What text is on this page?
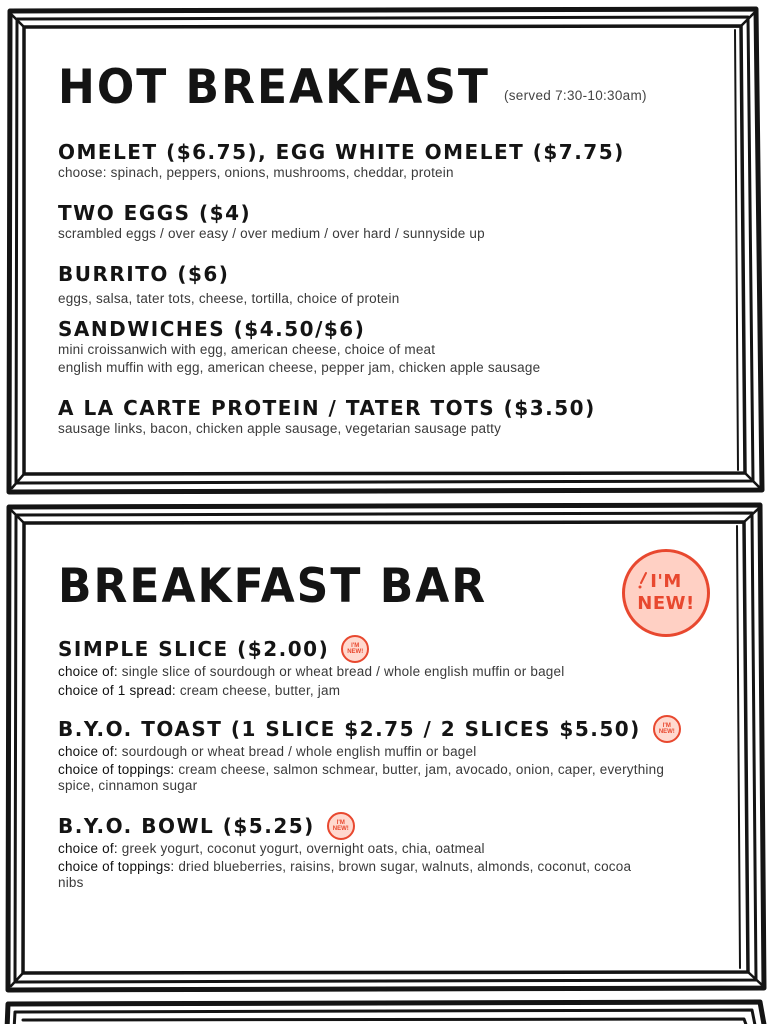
HOT BREAKFAST (served 7:30-10:30am)
OMELET ($6.75), EGG WHITE OMELET ($7.75)
choose: spinach, peppers, onions, mushrooms, cheddar, protein
TWO EGGS ($4)
scrambled eggs / over easy / over medium / over hard / sunnyside up
BURRITO ($6)
eggs, salsa, tater tots, cheese, tortilla, choice of protein
SANDWICHES ($4.50/$6)
mini croissanwich with egg, american cheese, choice of meat
english muffin with egg, american cheese, pepper jam, chicken apple sausage
A LA CARTE PROTEIN / TATER TOTS ($3.50)
sausage links, bacon, chicken apple sausage, vegetarian sausage patty
BREAKFAST BAR
SIMPLE SLICE ($2.00)	I'M
NEW!
choice of: single slice of sourdough or wheat bread / whole english muffin or bagel
choice of 1 spread: cream cheese, butter, jam
B.Y.O. TOAST (1 SLICE $2.75 / 2 SLICES $5.50)	I'M
NEW!
choice of: sourdough or wheat bread / whole english muffin or bagel
choice of toppings: cream cheese, salmon schmear, butter, jam, avocado, onion, caper, everything spice, cinnamon sugar
B.Y.O. BOWL ($5.25)	I'M
NEW!
choice of: greek yogurt, coconut yogurt, overnight oats, chia, oatmeal
choice of toppings: dried blueberries, raisins, brown sugar, walnuts, almonds, coconut, cocoa nibs
I'M
NEW!
